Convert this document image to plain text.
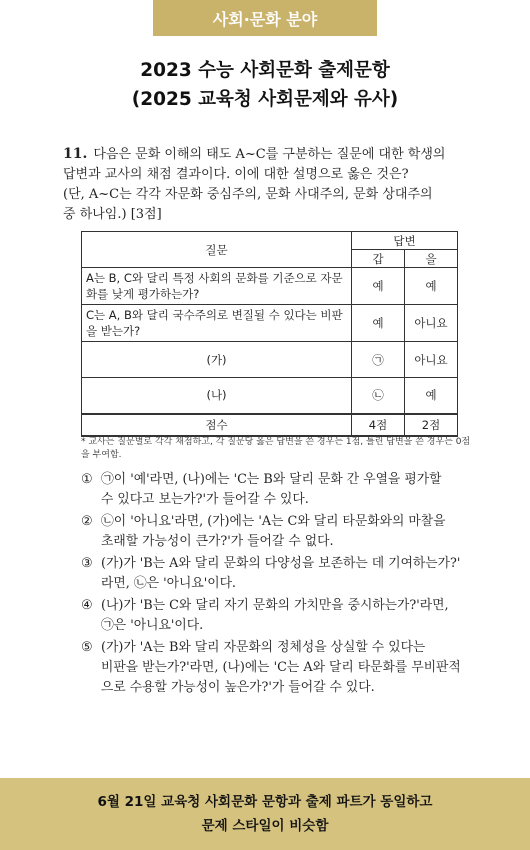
사회·문화 분야
2023 수능 사회문화 출제문항
(2025 교육청 사회문제와 유사)
11. 다음은 문화 이해의 태도 A~C를 구분하는 질문에 대한 학생의
답변과 교사의 채점 결과이다. 이에 대한 설명으로 옳은 것은?
(단, A~C는 각각 자문화 중심주의, 문화 사대주의, 문화 상대주의
중 하나임.) [3점]
질문	답변	
	갑	을
A는 B, C와 달리 특정 사회의 문화를 기준으로 자문화를 낮게 평가하는가?	예	예
C는 A, B와 달리 국수주의로 변질될 수 있다는 비판을 받는가?	예	아니요
(가)	㉠	아니요
(나)	㉡	예
점수	4점	2점
* 교사는 질문별로 각각 채점하고, 각 질문당 옳은 답변을 쓴 경우는 1점, 틀린 답변을 쓴 경우는 0점을 부여함.
① ㉠이 '예'라면, (나)에는 'C는 B와 달리 문화 간 우열을 평가할
수 있다고 보는가?'가 들어갈 수 있다.
② ㉡이 '아니요'라면, (가)에는 'A는 C와 달리 타문화와의 마찰을
초래할 가능성이 큰가?'가 들어갈 수 없다.
③ (가)가 'B는 A와 달리 문화의 다양성을 보존하는 데 기여하는가?'
라면, ㉡은 '아니요'이다.
④ (나)가 'B는 C와 달리 자기 문화의 가치만을 중시하는가?'라면,
㉠은 '아니요'이다.
⑤ (가)가 'A는 B와 달리 자문화의 정체성을 상실할 수 있다는
비판을 받는가?'라면, (나)에는 'C는 A와 달리 타문화를 무비판적
으로 수용할 가능성이 높은가?'가 들어갈 수 있다.
6월 21일 교육청 사회문화 문항과 출제 파트가 동일하고
문제 스타일이 비슷함
